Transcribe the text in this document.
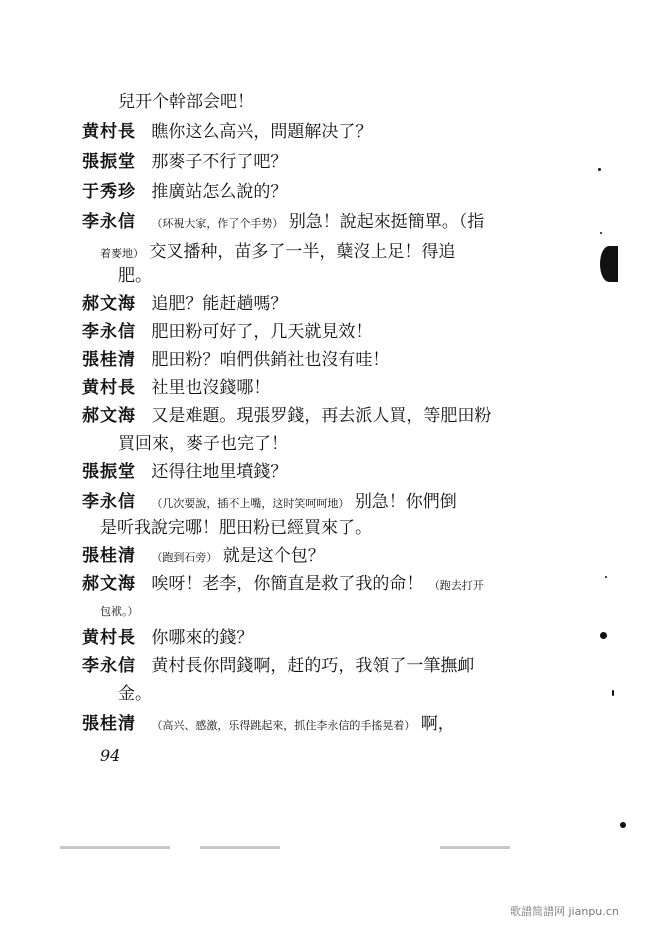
兒开个幹部会吧！
黄村長 瞧你这么高兴，問題解决了？
張振堂 那麥子不行了吧？
于秀珍 推廣站怎么說的？
李永信 （环視大家，作了个手势） 别急！說起來挺簡單。（指
着麥地） 交叉播种，苗多了一半，蘖沒上足！得追
肥。
郝文海 追肥？能赶趟嗎？
李永信 肥田粉可好了，几天就見效！
張桂清 肥田粉？咱們供銷社也沒有哇！
黄村長 社里也沒錢哪！
郝文海 又是难題。現張罗錢，再去派人買，等肥田粉
買回來，麥子也完了！
張振堂 还得往地里墳錢？
李永信 （几次要說，插不上嘴，这时笑呵呵地） 别急！你們倒
是听我說完哪！肥田粉已經買來了。
張桂清 （跑到石旁） 就是这个包？
郝文海 唉呀！老李，你簡直是救了我的命！ （跑去打开
包袱。）
黄村長 你哪來的錢？
李永信 黄村長你問錢啊，赶的巧，我領了一筆撫卹
金。
張桂清 （高兴、感激，乐得跳起來，抓住李永信的手搖晃着） 啊，
94
歌譜简譜网 jianpu.cn
